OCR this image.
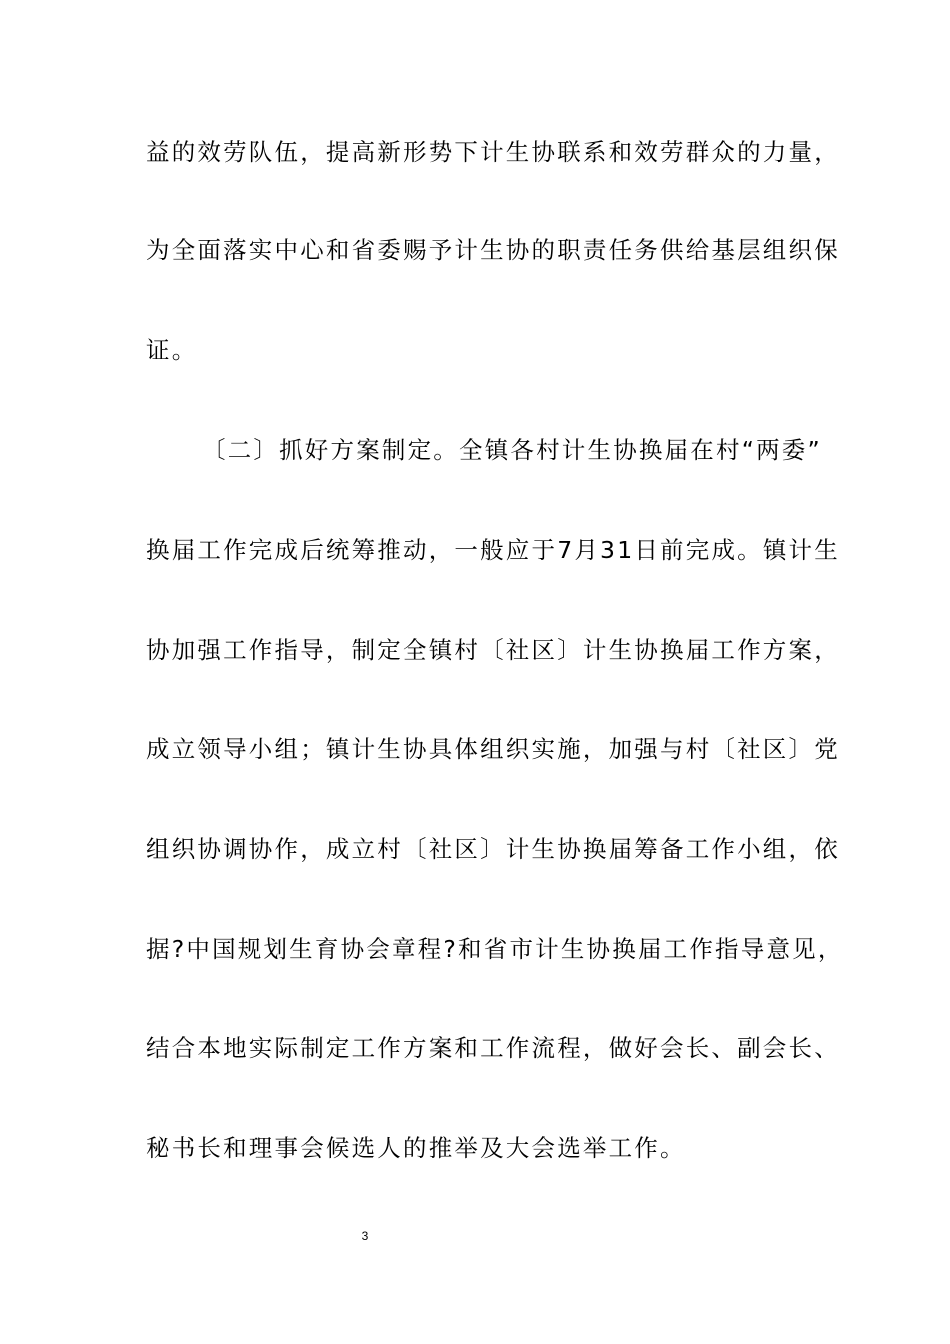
益的效劳队伍，提高新形势下计生协联系和效劳群众的力量，
为全面落实中心和省委赐予计生协的职责任务供给基层组织保
证。
〔二〕抓好方案制定。全镇各村计生协换届在村“两委”
换届工作完成后统筹推动，一般应于7月31日前完成。镇计生
协加强工作指导，制定全镇村〔社区〕计生协换届工作方案，
成立领导小组；镇计生协具体组织实施，加强与村〔社区〕党
组织协调协作，成立村〔社区〕计生协换届筹备工作小组，依
据?中国规划生育协会章程?和省市计生协换届工作指导意见，
结合本地实际制定工作方案和工作流程，做好会长、副会长、
秘书长和理事会候选人的推举及大会选举工作。
3
